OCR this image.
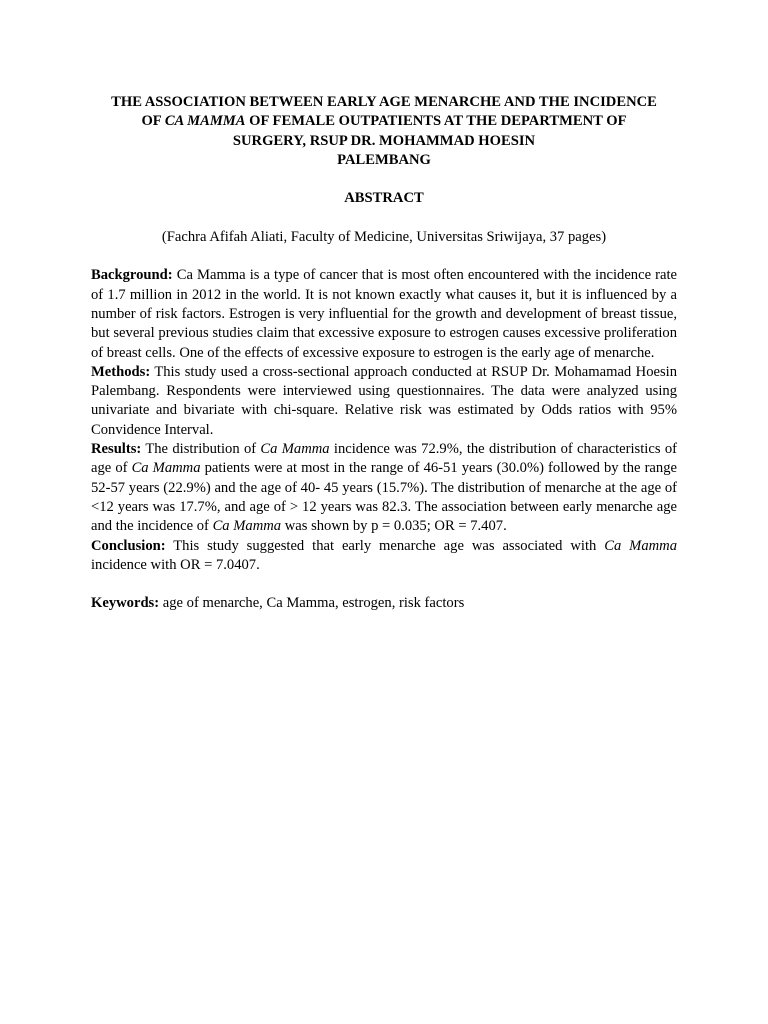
THE ASSOCIATION BETWEEN EARLY AGE MENARCHE AND THE INCIDENCE
OF CA MAMMA OF FEMALE OUTPATIENTS AT THE DEPARTMENT OF
SURGERY, RSUP DR. MOHAMMAD HOESIN
PALEMBANG
ABSTRACT

(Fachra Afifah Aliati, Faculty of Medicine, Universitas Sriwijaya, 37 pages)

Background: Ca Mamma is a type of cancer that is most often encountered with the incidence rate of 1.7 million in 2012 in the world. It is not known exactly what causes it, but it is influenced by a number of risk factors. Estrogen is very influential for the growth and development of breast tissue, but several previous studies claim that excessive exposure to estrogen causes excessive proliferation of breast cells. One of the effects of excessive exposure to estrogen is the early age of menarche.

Methods: This study used a cross-sectional approach conducted at RSUP Dr. Mohamamad Hoesin Palembang. Respondents were interviewed using questionnaires. The data were analyzed using univariate and bivariate with chi-square. Relative risk was estimated by Odds ratios with 95% Convidence Interval.

Results: The distribution of Ca Mamma incidence was 72.9%, the distribution of characteristics of age of Ca Mamma patients were at most in the range of 46-51 years (30.0%) followed by the range 52-57 years (22.9%) and the age of 40- 45 years (15.7%). The distribution of menarche at the age of <12 years was 17.7%, and age of > 12 years was 82.3. The association between early menarche age and the incidence of Ca Mamma was shown by p = 0.035; OR = 7.407.

Conclusion: This study suggested that early menarche age was associated with Ca Mamma incidence with OR = 7.0407.

Keywords: age of menarche, Ca Mamma, estrogen, risk factors
